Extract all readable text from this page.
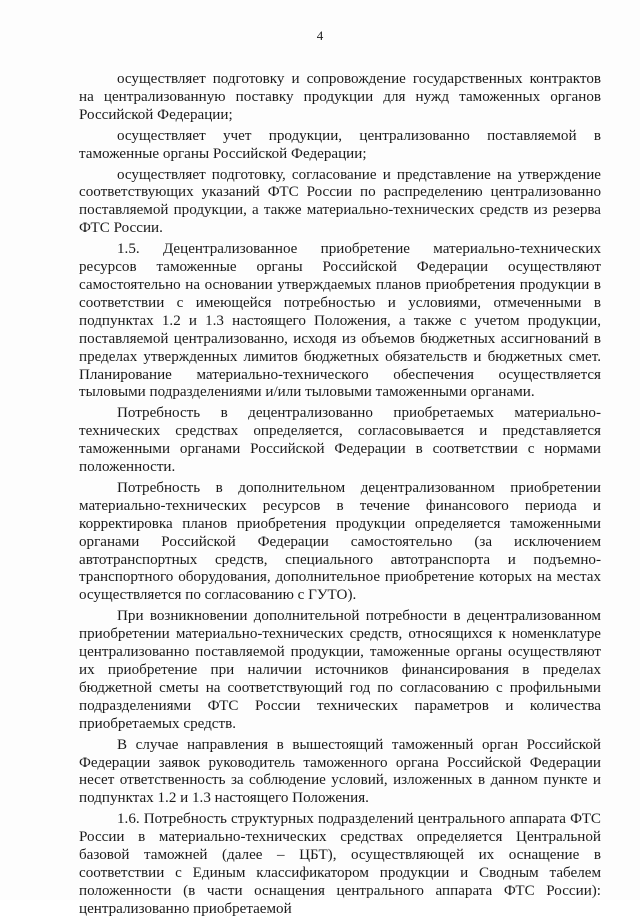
4

осуществляет подготовку и сопровождение государственных контрактов на централизованную поставку продукции для нужд таможенных органов Российской Федерации;

осуществляет учет продукции, централизованно поставляемой в таможенные органы Российской Федерации;

осуществляет подготовку, согласование и представление на утверждение соответствующих указаний ФТС России по распределению централизованно поставляемой продукции, а также материально-технических средств из резерва ФТС России.

1.5. Децентрализованное приобретение материально-технических ресурсов таможенные органы Российской Федерации осуществляют самостоятельно на основании утверждаемых планов приобретения продукции в соответствии с имеющейся потребностью и условиями, отмеченными в подпунктах 1.2 и 1.3 настоящего Положения, а также с учетом продукции, поставляемой централизованно, исходя из объемов бюджетных ассигнований в пределах утвержденных лимитов бюджетных обязательств и бюджетных смет. Планирование материально-технического обеспечения осуществляется тыловыми подразделениями и/или тыловыми таможенными органами.

Потребность в децентрализованно приобретаемых материально-технических средствах определяется, согласовывается и представляется таможенными органами Российской Федерации в соответствии с нормами положенности.

Потребность в дополнительном децентрализованном приобретении материально-технических ресурсов в течение финансового периода и корректировка планов приобретения продукции определяется таможенными органами Российской Федерации самостоятельно (за исключением автотранспортных средств, специального автотранспорта и подъемно-транспортного оборудования, дополнительное приобретение которых на местах осуществляется по согласованию с ГУТО).

При возникновении дополнительной потребности в децентрализованном приобретении материально-технических средств, относящихся к номенклатуре централизованно поставляемой продукции, таможенные органы осуществляют их приобретение при наличии источников финансирования в пределах бюджетной сметы на соответствующий год по согласованию с профильными подразделениями ФТС России технических параметров и количества приобретаемых средств.

В случае направления в вышестоящий таможенный орган Российской Федерации заявок руководитель таможенного органа Российской Федерации несет ответственность за соблюдение условий, изложенных в данном пункте и подпунктах 1.2 и 1.3 настоящего Положения.

1.6. Потребность структурных подразделений центрального аппарата ФТС России в материально-технических средствах определяется Центральной базовой таможней (далее – ЦБТ), осуществляющей их оснащение в соответствии с Единым классификатором продукции и Сводным табелем положенности (в части оснащения центрального аппарата ФТС России): централизованно приобретаемой
